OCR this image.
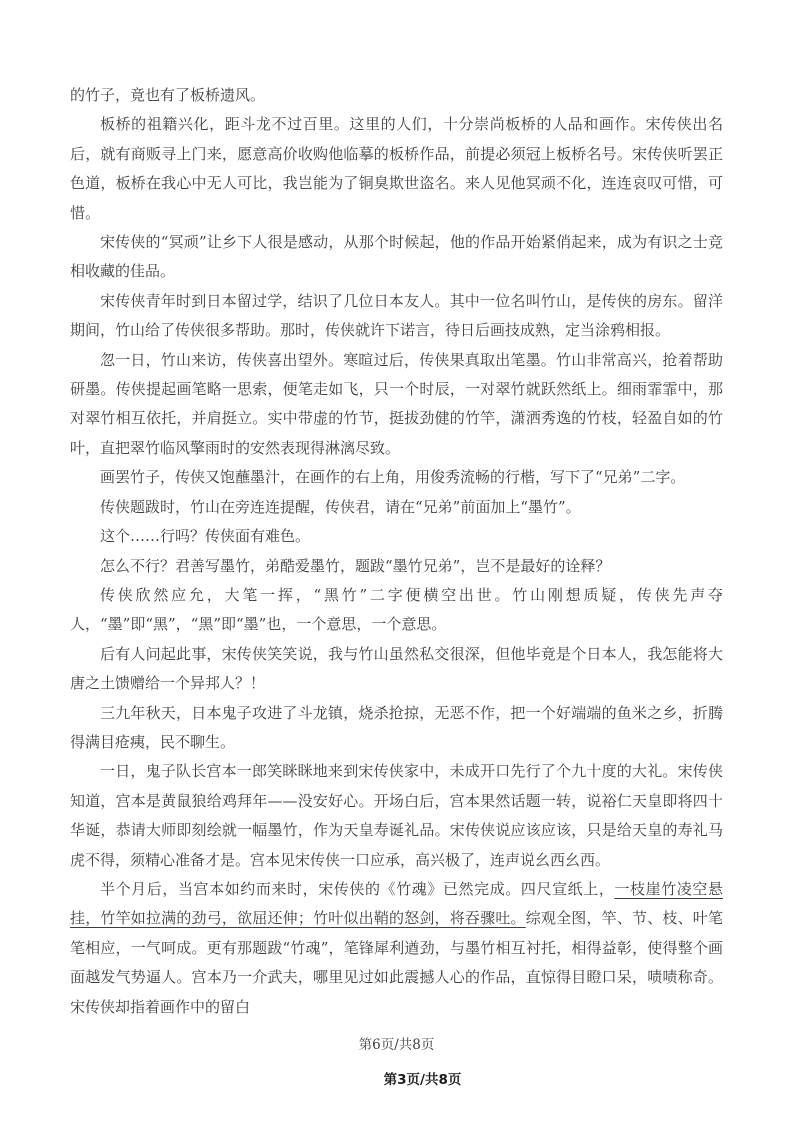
的竹子，竟也有了板桥遗风。

板桥的祖籍兴化，距斗龙不过百里。这里的人们，十分崇尚板桥的人品和画作。宋传侠出名后，就有商贩寻上门来，愿意高价收购他临摹的板桥作品，前提必须冠上板桥名号。宋传侠听罢正色道，板桥在我心中无人可比，我岂能为了铜臭欺世盗名。来人见他冥顽不化，连连哀叹可惜，可惜。

宋传侠的“冥顽”让乡下人很是感动，从那个时候起，他的作品开始紧俏起来，成为有识之士竞相收藏的佳品。

宋传侠青年时到日本留过学，结识了几位日本友人。其中一位名叫竹山，是传侠的房东。留洋期间，竹山给了传侠很多帮助。那时，传侠就许下诺言，待日后画技成熟，定当涂鸦相报。

忽一日，竹山来访，传侠喜出望外。寒暄过后，传侠果真取出笔墨。竹山非常高兴，抢着帮助研墨。传侠提起画笔略一思索，便笔走如飞，只一个时辰，一对翠竹就跃然纸上。细雨霏霏中，那对翠竹相互依托，并肩挺立。实中带虚的竹节，挺拔劲健的竹竿，潇洒秀逸的竹枝，轻盈自如的竹叶，直把翠竹临风擎雨时的安然表现得淋漓尽致。

画罢竹子，传侠又饱蘸墨汁，在画作的右上角，用俊秀流畅的行楷，写下了“兄弟”二字。

传侠题跋时，竹山在旁连连提醒，传侠君，请在“兄弟”前面加上“墨竹”。

这个……行吗？传侠面有难色。

怎么不行？君善写墨竹，弟酷爱墨竹，题跋“墨竹兄弟”，岂不是最好的诠释？

传侠欣然应允，大笔一挥，“黑竹”二字便横空出世。竹山刚想质疑，传侠先声夺人，“墨”即“黑”，“黑”即“墨”也，一个意思，一个意思。

后有人问起此事，宋传侠笑笑说，我与竹山虽然私交很深，但他毕竟是个日本人，我怎能将大唐之土馈赠给一个异邦人？！

三九年秋天，日本鬼子攻进了斗龙镇，烧杀抢掠，无恶不作，把一个好端端的鱼米之乡，折腾得满目疮痍，民不聊生。

一日，鬼子队长宫本一郎笑眯眯地来到宋传侠家中，未成开口先行了个九十度的大礼。宋传侠知道，宫本是黄鼠狼给鸡拜年——没安好心。开场白后，宫本果然话题一转，说裕仁天皇即将四十华诞，恭请大师即刻绘就一幅墨竹，作为天皇寿诞礼品。宋传侠说应该应该，只是给天皇的寿礼马虎不得，须精心准备才是。宫本见宋传侠一口应承，高兴极了，连声说幺西幺西。

半个月后，当宫本如约而来时，宋传侠的《竹魂》已然完成。四尺宣纸上，一枝崖竹凌空悬挂，竹竿如拉满的劲弓，欲屈还伸；竹叶似出鞘的怒剑，将吞骤吐。综观全图，竿、节、枝、叶笔笔相应，一气呵成。更有那题跋“竹魂”，笔锋犀利遒劲，与墨竹相互衬托，相得益彰，使得整个画面越发气势逼人。宫本乃一介武夫，哪里见过如此震撼人心的作品，直惊得目瞪口呆，啧啧称奇。宋传侠却指着画作中的留白

第6页/共8页
第3页/共8页
